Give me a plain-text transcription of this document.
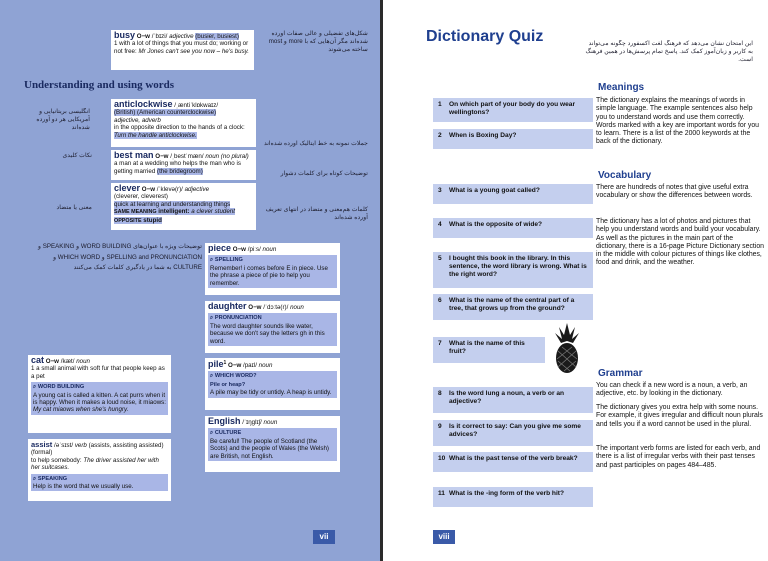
شکل‌های تفضیلی و عالی صفات آورده شده‌اند مگر آن‌هایی که با more و most ساخته می‌شوند
busy O−w /ˈbɪzi/ adjective (busier, busiest)
1 with a lot of things that you must do; working or not free: Mr Jones can't see you now – he's busy.
Understanding and using words
انگلیسی بریتانیایی و آمریکایی هر دو آورده شده‌اند
anticlockwise /ˌæntiˈklɒkwaɪz/
(British) (American counterclockwise)
adjective, adverb
in the opposite direction to the hands of a clock: Turn the handle anticlockwise.
جملات نمونه به خط ایتالیک آورده شده‌اند
نکات کلیدی	best man O−w /ˌbestˈmæn/ noun (no plural)
a man at a wedding who helps the man who is getting married (the bridegroom)	توضیحات کوتاه برای کلمات دشوار
معنی یا متضاد
clever O−w /ˈklevə(r)/ adjective
(cleverer, cleverest)
quick at learning and understanding things
SAME MEANING intelligent: a clever student OPPOSITE stupid
کلمات هم‌معنی و متضاد در انتهای تعریف آورده شده‌اند
توضیحات ویژه با عنوان‌های WORD BUILDING و SPEAKING و SPELLING and PRONUNCIATION و WHICH WORD و CULTURE به شما در یادگیری کلمات کمک می‌کنند
piece O−w /piːs/ noun
⌕ SPELLING
Remember! i comes before E in piece. Use the phrase a piece of pie to help you remember.
daughter O−w /ˈdɔːtə(r)/ noun
⌕ PRONUNCIATION
The word daughter sounds like water, because we don't say the letters gh in this word.
pile$^1$ O−w /paɪl/ noun
⌕ WHICH WORD?
Pile or heap?
A pile may be tidy or untidy. A heap is untidy.
English /ˈɪŋglɪʃ/ noun
⌕ CULTURE
Be careful! The people of Scotland (the Scots) and the people of Wales (the Welsh) are British, not English.
cat O−w /kæt/ noun
1 a small animal with soft fur that people keep as a pet
⌕ WORD BUILDING
A young cat is called a kitten. A cat purrs when it is happy. When it makes a loud noise, it miaows: My cat miaows when she's hungry.
assist /əˈsɪst/ verb (assists, assisting assisted) (formal)
to help somebody: The driver assisted her with her suitcases.
⌕ SPEAKING
Help is the word that we usually use.
vii
Dictionary Quiz	این امتحان نشان می‌دهد که فرهنگ لغت آکسفورد چگونه می‌تواند به کاربر و زبان‌آموز کمک کند. پاسخ تمام پرسش‌ها در همین فرهنگ است.
1 On which part of your body do you wear wellingtons?
2 When is Boxing Day?
3 What is a young goat called?
4 What is the opposite of wide?
5 I bought this book in the library. In this sentence, the word library is wrong. What is the right word?
6 What is the name of the central part of a tree, that grows up from the ground?
7 What is the name of this fruit?
8 Is the word lung a noun, a verb or an adjective?
9 Is it correct to say: Can you give me some advices?
10 What is the past tense of the verb break?
11 What is the -ing form of the verb hit?
Meanings
The dictionary explains the meanings of words in simple language. The example sentences also help you to understand words and use them correctly. Words marked with a key are important words for you to learn. There is a list of the 2000 keywords at the back of the dictionary.
Vocabulary
There are hundreds of notes that give useful extra vocabulary or show the differences between words.
The dictionary has a lot of photos and pictures that help you understand words and build your vocabulary. As well as the pictures in the main part of the dictionary, there is a 16-page Picture Dictionary section in the middle with colour pictures of things like clothes, food and drink, and the weather.
Grammar
You can check if a new word is a noun, a verb, an adjective, etc. by looking in the dictionary.
The dictionary gives you extra help with some nouns. For example, it gives irregular and difficult noun plurals and tells you if a word cannot be used in the plural.
The important verb forms are listed for each verb, and there is a list of irregular verbs with their past tenses and past participles on pages 484–485.
viii
